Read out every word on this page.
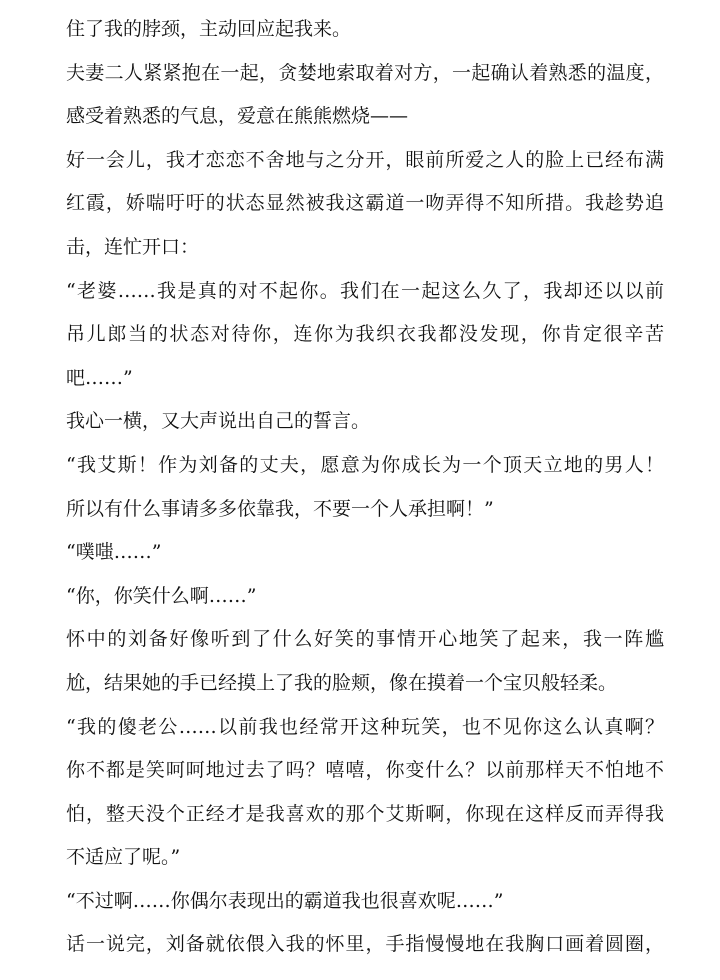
住了我的脖颈，主动回应起我来。
夫妻二人紧紧抱在一起，贪婪地索取着对方，一起确认着熟悉的温度，
感受着熟悉的气息，爱意在熊熊燃烧——
好一会儿，我才恋恋不舍地与之分开，眼前所爱之人的脸上已经布满
红霞，娇喘吁吁的状态显然被我这霸道一吻弄得不知所措。我趁势追
击，连忙开口：
“老婆……我是真的对不起你。我们在一起这么久了，我却还以以前
吊儿郎当的状态对待你，连你为我织衣我都没发现，你肯定很辛苦
吧……”
我心一横，又大声说出自己的誓言。
“我艾斯！作为刘备的丈夫，愿意为你成长为一个顶天立地的男人！
所以有什么事请多多依靠我，不要一个人承担啊！”
“噗嗤……”
“你，你笑什么啊……”
怀中的刘备好像听到了什么好笑的事情开心地笑了起来，我一阵尴
尬，结果她的手已经摸上了我的脸颊，像在摸着一个宝贝般轻柔。
“我的傻老公……以前我也经常开这种玩笑，也不见你这么认真啊？
你不都是笑呵呵地过去了吗？嘻嘻，你变什么？以前那样天不怕地不
怕，整天没个正经才是我喜欢的那个艾斯啊，你现在这样反而弄得我
不适应了呢。”
“不过啊……你偶尔表现出的霸道我也很喜欢呢……”
话一说完，刘备就依偎入我的怀里，手指慢慢地在我胸口画着圆圈，
